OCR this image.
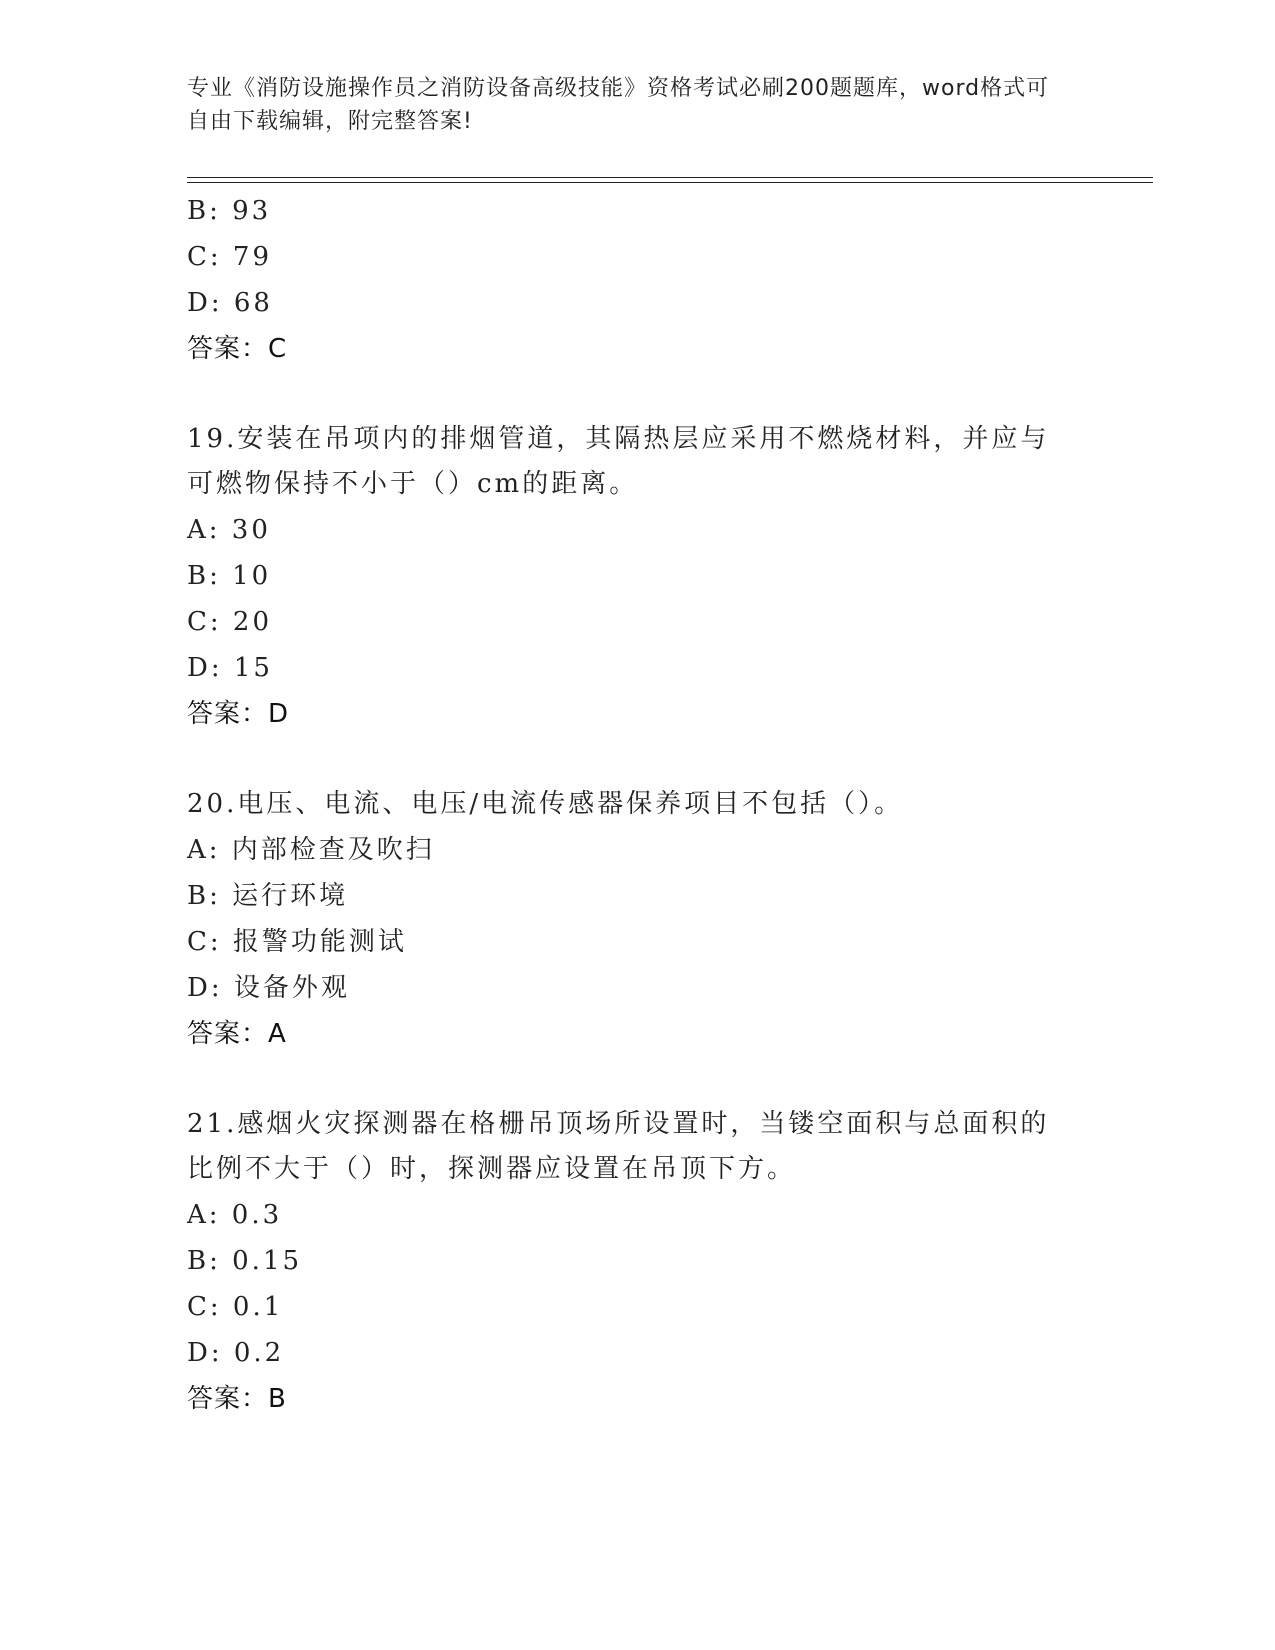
专业《消防设施操作员之消防设备高级技能》资格考试必刷200题题库，word格式可自由下载编辑，附完整答案!
B: 93
C: 79
D: 68
答案：C
19.安装在吊项内的排烟管道，其隔热层应采用不燃烧材料，并应与可燃物保持不小于（）cm的距离。
A: 30
B: 10
C: 20
D: 15
答案：D
20.电压、电流、电压/电流传感器保养项目不包括（）。
A: 内部检查及吹扫
B: 运行环境
C: 报警功能测试
D: 设备外观
答案：A
21.感烟火灾探测器在格栅吊顶场所设置时，当镂空面积与总面积的比例不大于（）时，探测器应设置在吊顶下方。
A: 0.3
B: 0.15
C: 0.1
D: 0.2
答案：B
